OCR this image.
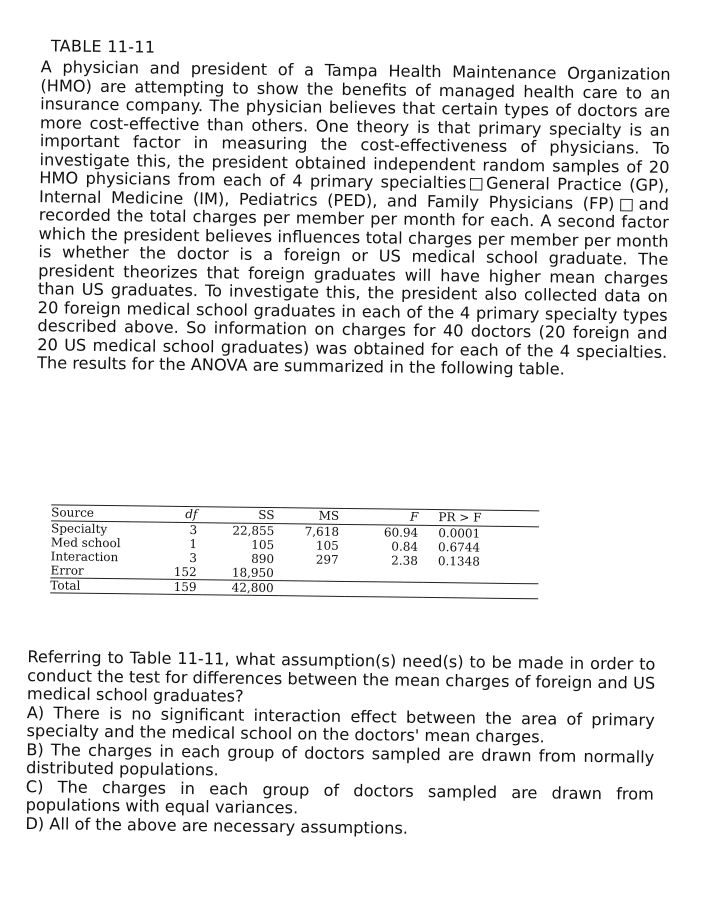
TABLE 11-11
A physician and president of a Tampa Health Maintenance Organization (HMO) are attempting to show the benefits of managed health care to an insurance company. The physician believes that certain types of doctors are more cost-effective than others. One theory is that primary specialty is an important factor in measuring the cost-effectiveness of physicians. To investigate this, the president obtained independent random samples of 20 HMO physicians from each of 4 primary specialties□General Practice (GP), Internal Medicine (IM), Pediatrics (PED), and Family Physicians (FP)□and recorded the total charges per member per month for each. A second factor which the president believes influences total charges per member per month is whether the doctor is a foreign or US medical school graduate. The president theorizes that foreign graduates will have higher mean charges than US graduates. To investigate this, the president also collected data on 20 foreign medical school graduates in each of the 4 primary specialty types described above. So information on charges for 40 doctors (20 foreign and 20 US medical school graduates) was obtained for each of the 4 specialties. The results for the ANOVA are summarized in the following table.
Source	df	SS	MS	F	PR > F
Specialty	3	22,855	7,618	60.94	0.0001
Med school	1	105	105	0.84	0.6744
Interaction	3	890	297	2.38	0.1348
Error	152	18,950			
Total	159	42,800			

Referring to Table 11-11, what assumption(s) need(s) to be made in order to conduct the test for differences between the mean charges of foreign and US medical school graduates?

A) There is no significant interaction effect between the area of primary specialty and the medical school on the doctors' mean charges.

B) The charges in each group of doctors sampled are drawn from normally distributed populations.

C) The charges in each group of doctors sampled are drawn from populations with equal variances.

D) All of the above are necessary assumptions.
